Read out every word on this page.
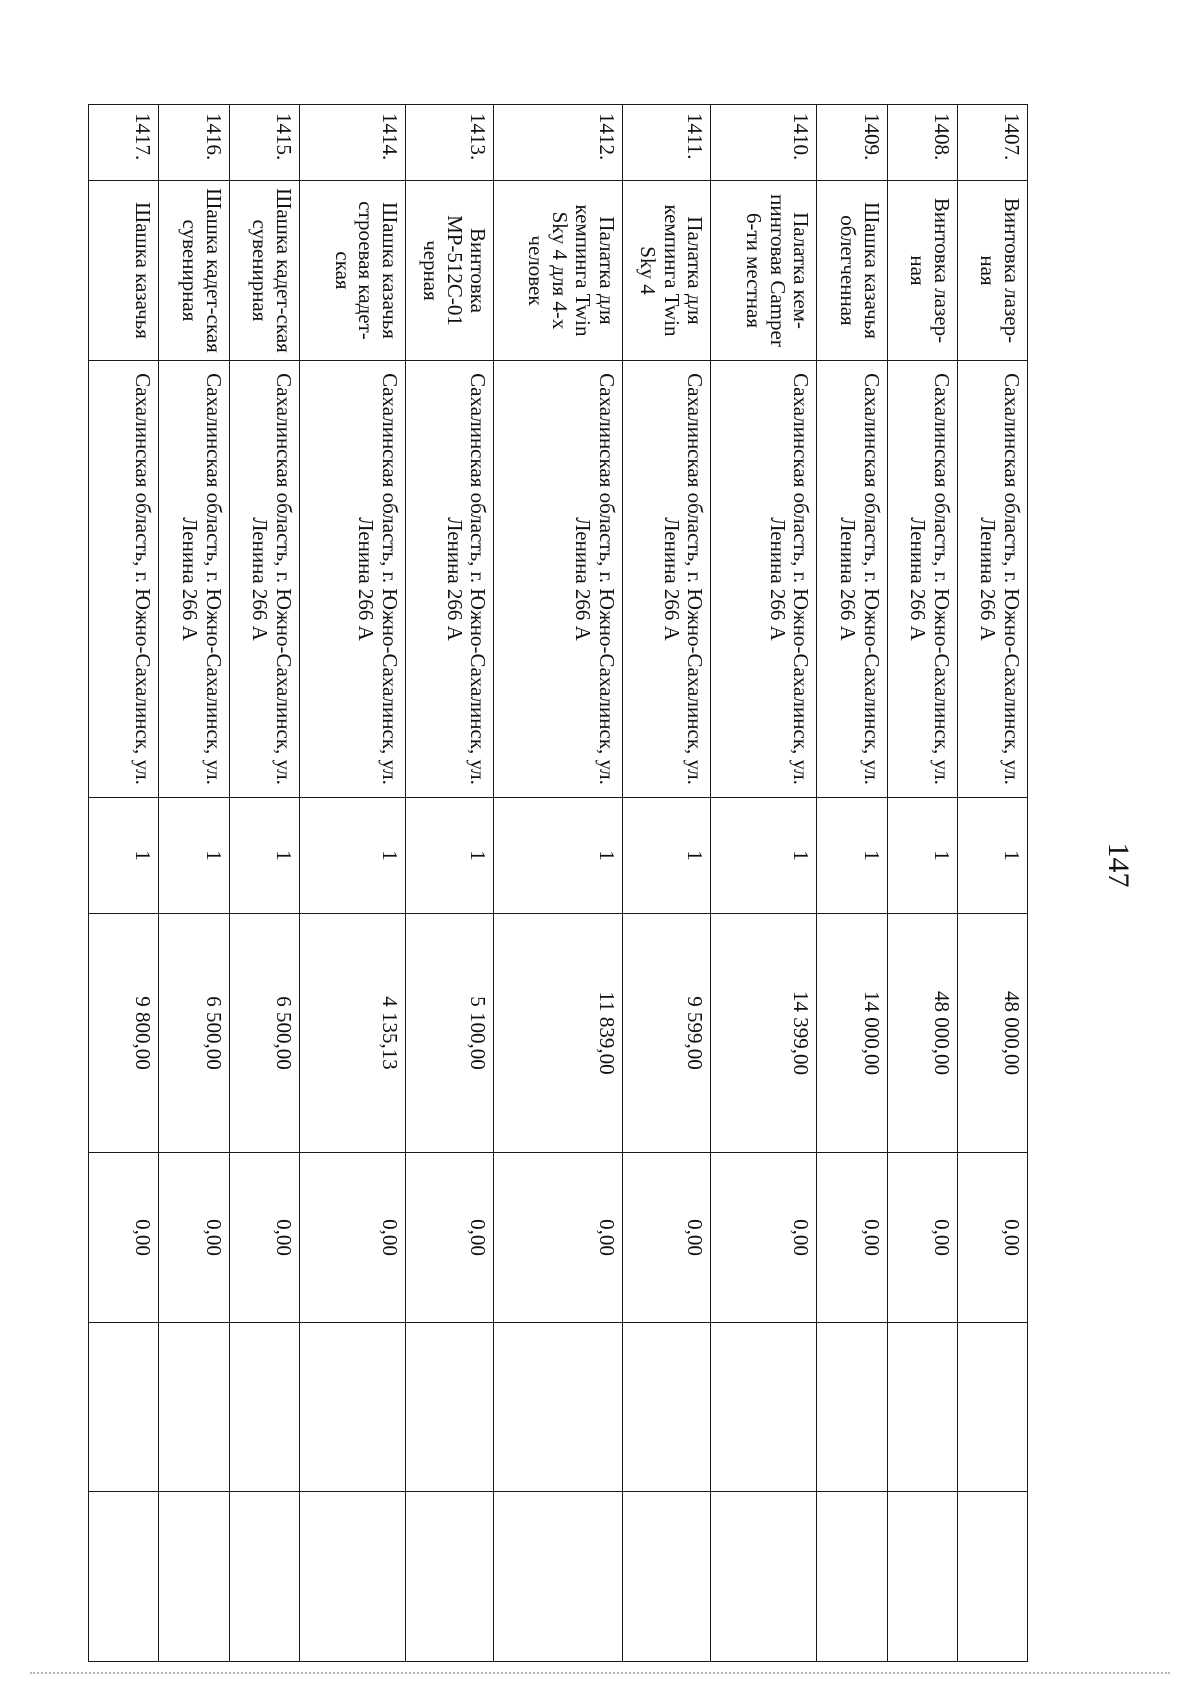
147
1407.	Винтовка лазер-ная	Сахалинская область, г. Южно-Сахалинск, ул. Ленина 266 А	1	48 000,00	0,00		
1408.	Винтовка лазер-ная	Сахалинская область, г. Южно-Сахалинск, ул. Ленина 266 А	1	48 000,00	0,00		
1409.	Шашка казачья облегченная	Сахалинская область, г. Южно-Сахалинск, ул. Ленина 266 А	1	14 000,00	0,00		
1410.	Палатка кем-пинговая Camper 6-ти местная	Сахалинская область, г. Южно-Сахалинск, ул. Ленина 266 А	1	14 399,00	0,00		
1411.	Палатка для кемпинга Twin Sky 4	Сахалинская область, г. Южно-Сахалинск, ул. Ленина 266 А	1	9 599,00	0,00		
1412.	Палатка для кемпинга Twin Sky 4 для 4-х человек	Сахалинская область, г. Южно-Сахалинск, ул. Ленина 266 А	1	11 839,00	0,00		
1413.	Винтовка МР-512С-01 черная	Сахалинская область, г. Южно-Сахалинск, ул. Ленина 266 А	1	5 100,00	0,00		
1414.	Шашка казачья строевая кадет-ская	Сахалинская область, г. Южно-Сахалинск, ул. Ленина 266 А	1	4 135,13	0,00		
1415.	Шашка кадет-ская сувенирная	Сахалинская область, г. Южно-Сахалинск, ул. Ленина 266 А	1	6 500,00	0,00		
1416.	Шашка кадет-ская сувенирная	Сахалинская область, г. Южно-Сахалинск, ул. Ленина 266 А	1	6 500,00	0,00		
1417.	Шашка казачья	Сахалинская область, г. Южно-Сахалинск, ул.	1	9 800,00	0,00		
